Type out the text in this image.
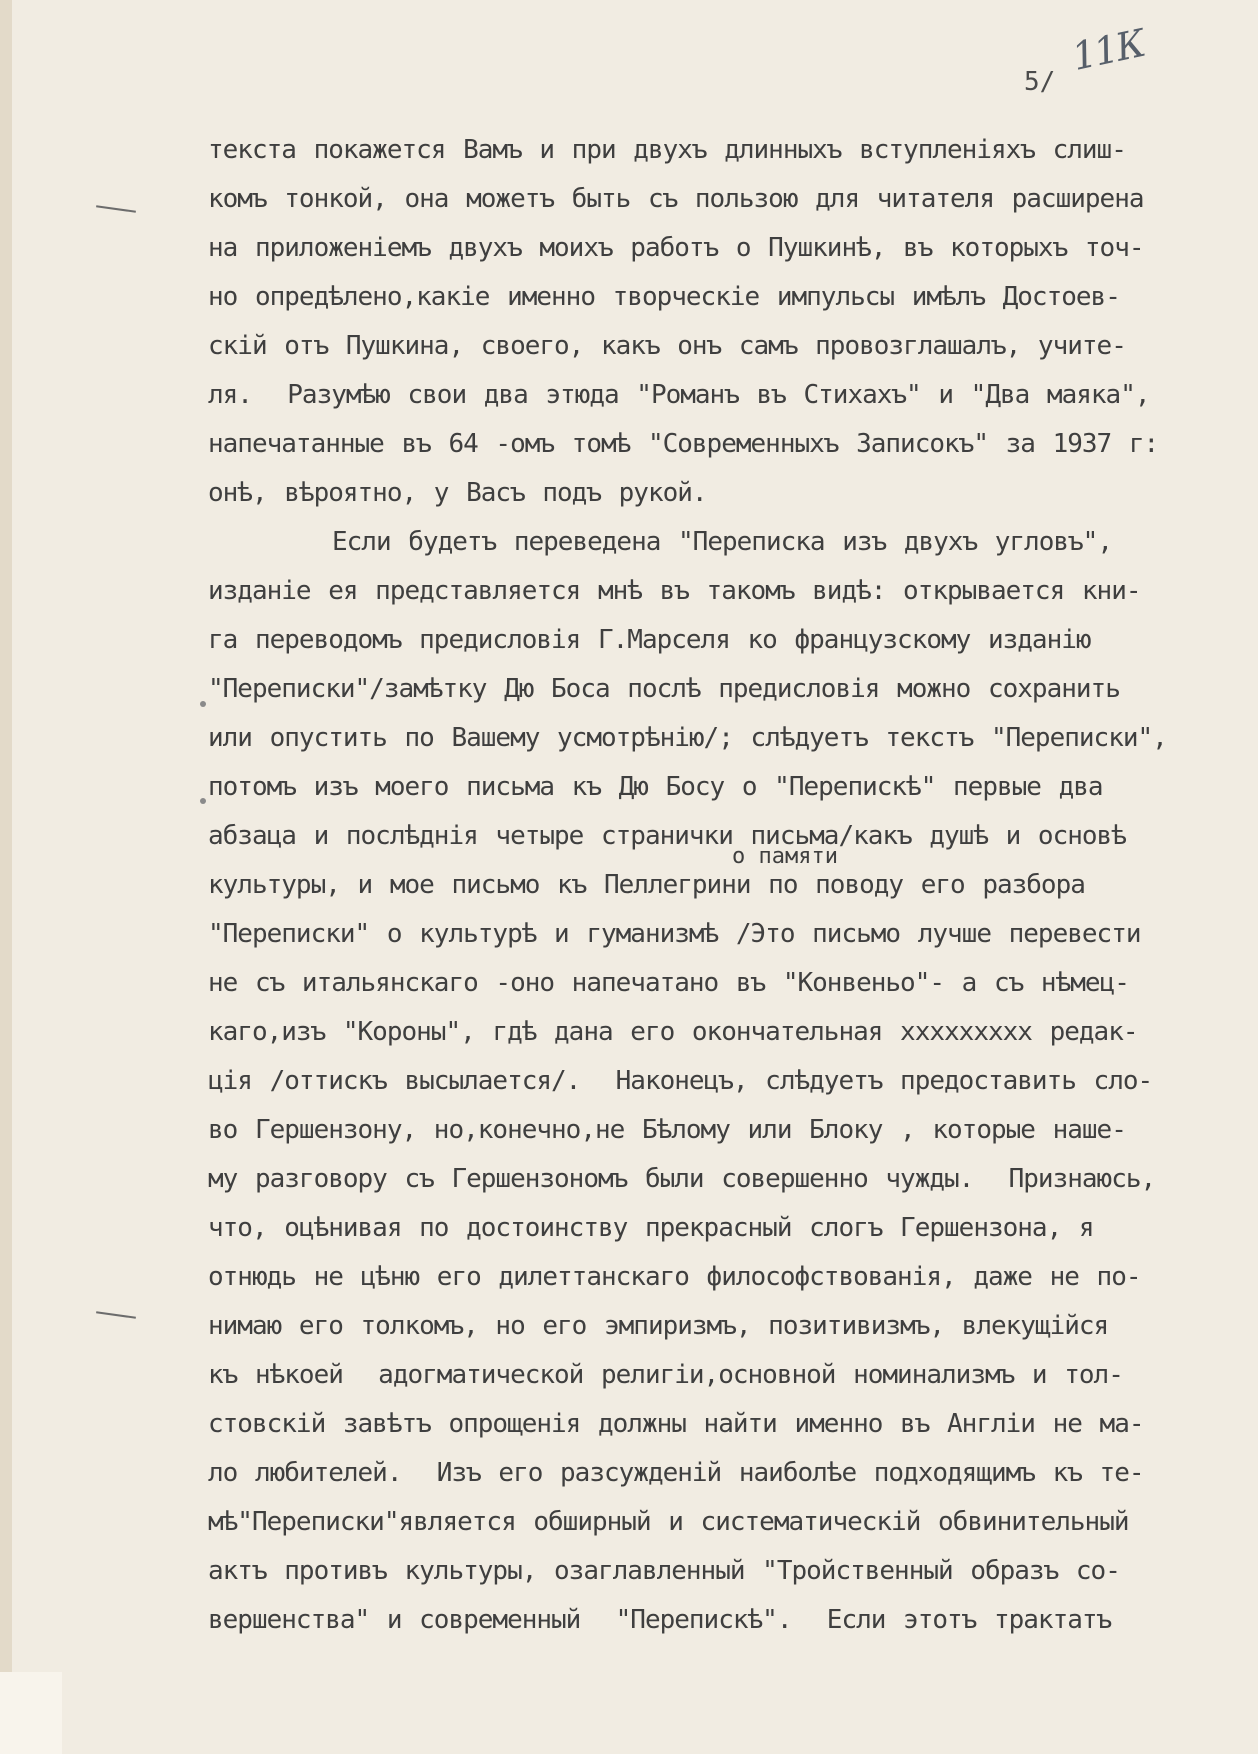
11К

5/

текста покажется Вамъ и при двухъ длинныхъ вступленiяхъ слиш-
комъ тонкой, она можетъ быть съ пользою для читателя расширена
на приложенiемъ двухъ моихъ работъ о Пушкинѣ, въ которыхъ точ-
но опредѣлено,какiе именно творческiе импульсы имѣлъ Достоев-
скiй отъ Пушкина, своего, какъ онъ самъ провозглашалъ, учите-
ля.  Разумѣю свои два этюда "Романъ въ Стихахъ" и "Два маяка",
напечатанные въ 64 -омъ томѣ "Современныхъ Записокъ" за 1937 г:
онѣ, вѣроятно, у Васъ подъ рукой.
Если будетъ переведена "Переписка изъ двухъ угловъ",
изданiе ея представляется мнѣ въ такомъ видѣ: открывается кни-
га переводомъ предисловiя Г.Марселя ко французскому изданiю
"Переписки"/замѣтку Дю Боса послѣ предисловiя можно сохранить
или опустить по Вашему усмотрѣнiю/; слѣдуетъ текстъ "Переписки",
потомъ изъ моего письма къ Дю Босу о "Перепискѣ" первые два
абзаца и послѣднiя четыре странички письма/какъ душѣ и основѣ
культуры, и мое письмо къ Пеллегрини по поводу его разбора
"Переписки" о культурѣ и гуманизмѣ /Это письмо лучше перевести
не съ итальянскаго -оно напечатано въ "Конвеньо"- а съ нѣмец-
каго,изъ "Короны", гдѣ дана его окончательная xxxxxxxxx редак-
цiя /оттискъ высылается/.  Наконецъ, слѣдуетъ предоставить сло-
во Гершензону, но,конечно,не Бѣлому или Блоку , которые нашe-
му разговору съ Гершензономъ были совершенно чужды.  Признаюсь,
что, оцѣнивая по достоинству прекрасный слогъ Гершензона, я
отнюдь не цѣню его дилеттанскаго философствованiя, даже не по-
нимаю его толкомъ, но его эмпиризмъ, позитивизмъ, влекущiйся
къ нѣкоей  адогматической религiи,основной номинализмъ и тол-
стовскiй завѣтъ опрощенiя должны найти именно въ Англiи не ма-
ло любителей.  Изъ его разсужденiй наиболѣе подходящимъ къ те-
мѣ"Переписки"является обширный и систематическiй обвинительный
актъ противъ культуры, озаглавленный "Тройственный образъ со-
вершенства" и современный  "Перепискѣ".  Если этотъ трактатъ

о памяти
